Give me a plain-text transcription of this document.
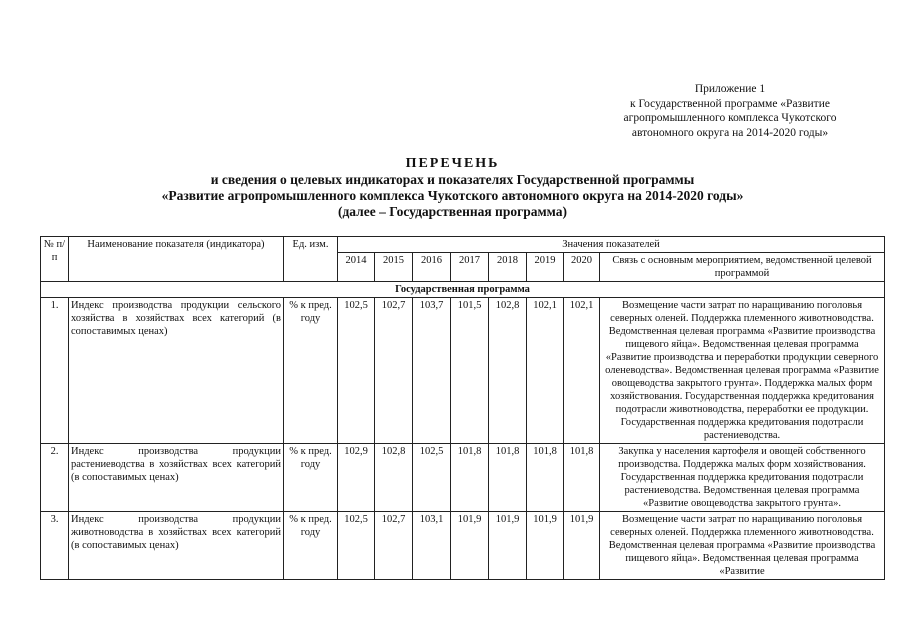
Приложение 1
к Государственной программе «Развитие
агропромышленного комплекса Чукотского
автономного округа на 2014-2020 годы»
ПЕРЕЧЕНЬ
и сведения о целевых индикаторах и показателях Государственной программы
«Развитие агропромышленного комплекса Чукотского автономного округа на 2014-2020 годы»
(далее – Государственная программа)
№ п/п	Наименование показателя (индикатора)	Ед. изм.	Значения показателей							
			2014	2015	2016	2017	2018	2019	2020	Связь с основным мероприятием, ведомственной целевой программой
Государственная программа										
1.	Индекс производства продукции сельского хозяйства в хозяйствах всех категорий (в сопоставимых ценах)	% к пред. году	102,5	102,7	103,7	101,5	102,8	102,1	102,1	Возмещение части затрат по наращиванию поголовья северных оленей. Поддержка племенного животноводства. Ведомственная целевая программа «Развитие производства пищевого яйца». Ведомственная целевая программа «Развитие производства и переработки продукции северного оленеводства». Ведомственная целевая программа «Развитие овощеводства закрытого грунта». Поддержка малых форм хозяйствования. Государственная поддержка кредитования подотрасли животноводства, переработки ее продукции. Государственная поддержка кредитования подотрасли растениеводства.
2.	Индекс производства продукции растениеводства в хозяйствах всех категорий (в сопоставимых ценах)	% к пред. году	102,9	102,8	102,5	101,8	101,8	101,8	101,8	Закупка у населения картофеля и овощей собственного производства. Поддержка малых форм хозяйствования. Государственная поддержка кредитования подотрасли растениеводства. Ведомственная целевая программа «Развитие овощеводства закрытого грунта».
3.	Индекс производства продукции животноводства в хозяйствах всех категорий (в сопоставимых ценах)	% к пред. году	102,5	102,7	103,1	101,9	101,9	101,9	101,9	Возмещение части затрат по наращиванию поголовья северных оленей. Поддержка племенного животноводства. Ведомственная целевая программа «Развитие производства пищевого яйца». Ведомственная целевая программа «Развитие
